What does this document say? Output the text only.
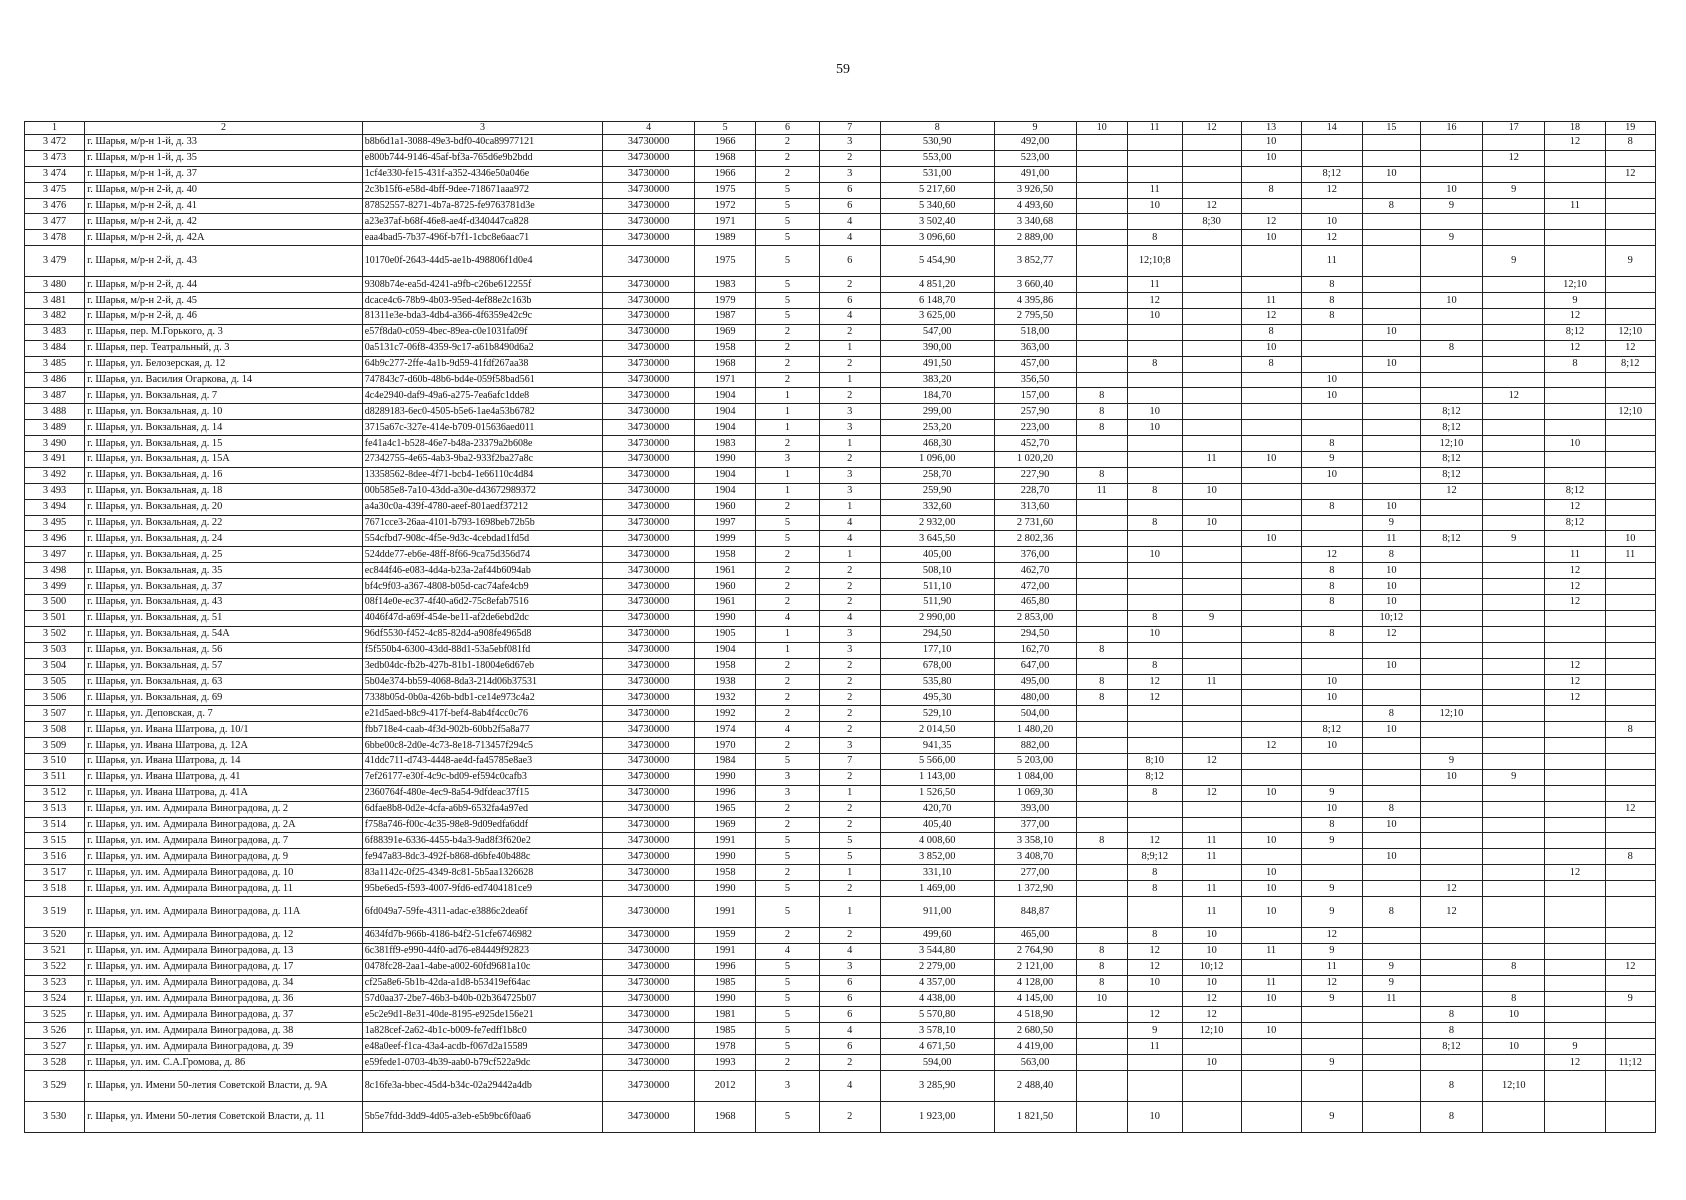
59
1	2	3	4	5	6	7	8	9	10	11	12	13	14	15	16	17	18	19
3 472	г. Шарья, м/р-н 1-й, д. 33	b8b6d1a1-3088-49e3-bdf0-40ca89977121	34730000	1966	2	3	530,90	492,00				10					12	8
3 473	г. Шарья, м/р-н 1-й, д. 35	e800b744-9146-45af-bf3a-765d6e9b2bdd	34730000	1968	2	2	553,00	523,00				10				12		
3 474	г. Шарья, м/р-н 1-й, д. 37	1cf4e330-fe15-431f-a352-4346e50a046e	34730000	1966	2	3	531,00	491,00					8;12	10				12
3 475	г. Шарья, м/р-н 2-й, д. 40	2c3b15f6-e58d-4bff-9dee-718671aaa972	34730000	1975	5	6	5 217,60	3 926,50		11		8	12		10	9		
3 476	г. Шарья, м/р-н 2-й, д. 41	87852557-8271-4b7a-8725-fe9763781d3e	34730000	1972	5	6	5 340,60	4 493,60		10	12			8	9		11	
3 477	г. Шарья, м/р-н 2-й, д. 42	a23e37af-b68f-46e8-ae4f-d340447ca828	34730000	1971	5	4	3 502,40	3 340,68			8;30	12	10					
3 478	г. Шарья, м/р-н 2-й, д. 42А	eaa4bad5-7b37-496f-b7f1-1cbc8e6aac71	34730000	1989	5	4	3 096,60	2 889,00		8		10	12		9			
3 479	г. Шарья, м/р-н 2-й, д. 43	10170e0f-2643-44d5-ae1b-498806f1d0e4	34730000	1975	5	6	5 454,90	3 852,77		12;10;8			11			9		9
3 480	г. Шарья, м/р-н 2-й, д. 44	9308b74e-ea5d-4241-a9fb-c26be612255f	34730000	1983	5	2	4 851,20	3 660,40		11			8				12;10	
3 481	г. Шарья, м/р-н 2-й, д. 45	dcace4c6-78b9-4b03-95ed-4ef88e2c163b	34730000	1979	5	6	6 148,70	4 395,86		12		11	8		10		9	
3 482	г. Шарья, м/р-н 2-й, д. 46	81311e3e-bda3-4db4-a366-4f6359e42c9c	34730000	1987	5	4	3 625,00	2 795,50		10		12	8				12	
3 483	г. Шарья, пер. М.Горького, д. 3	e57f8da0-c059-4bec-89ea-c0e1031fa09f	34730000	1969	2	2	547,00	518,00				8		10			8;12	12;10
3 484	г. Шарья, пер. Театральный, д. 3	0a5131c7-06f8-4359-9c17-a61b8490d6a2	34730000	1958	2	1	390,00	363,00				10			8		12	12
3 485	г. Шарья, ул. Белозерская, д. 12	64b9c277-2ffe-4a1b-9d59-41fdf267aa38	34730000	1968	2	2	491,50	457,00		8		8		10			8	8;12
3 486	г. Шарья, ул. Василия Огаркова, д. 14	747843c7-d60b-48b6-bd4e-059f58bad561	34730000	1971	2	1	383,20	356,50					10					
3 487	г. Шарья, ул. Вокзальная, д. 7	4c4e2940-daf9-49a6-a275-7ea6afc1dde8	34730000	1904	1	2	184,70	157,00	8				10			12		
3 488	г. Шарья, ул. Вокзальная, д. 10	d8289183-6ec0-4505-b5e6-1ae4a53b6782	34730000	1904	1	3	299,00	257,90	8	10					8;12			12;10
3 489	г. Шарья, ул. Вокзальная, д. 14	3715a67c-327e-414e-b709-015636aed011	34730000	1904	1	3	253,20	223,00	8	10					8;12			
3 490	г. Шарья, ул. Вокзальная, д. 15	fe41a4c1-b528-46e7-b48a-23379a2b608e	34730000	1983	2	1	468,30	452,70					8		12;10		10	
3 491	г. Шарья, ул. Вокзальная, д. 15А	27342755-4e65-4ab3-9ba2-933f2ba27a8c	34730000	1990	3	2	1 096,00	1 020,20			11	10	9		8;12			
3 492	г. Шарья, ул. Вокзальная, д. 16	13358562-8dee-4f71-bcb4-1e66110c4d84	34730000	1904	1	3	258,70	227,90	8				10		8;12			
3 493	г. Шарья, ул. Вокзальная, д. 18	00b585e8-7a10-43dd-a30e-d43672989372	34730000	1904	1	3	259,90	228,70	11	8	10				12		8;12	
3 494	г. Шарья, ул. Вокзальная, д. 20	a4a30c0a-439f-4780-aeef-801aedf37212	34730000	1960	2	1	332,60	313,60					8	10			12	
3 495	г. Шарья, ул. Вокзальная, д. 22	7671cce3-26aa-4101-b793-1698beb72b5b	34730000	1997	5	4	2 932,00	2 731,60		8	10			9			8;12	
3 496	г. Шарья, ул. Вокзальная, д. 24	554cfbd7-908c-4f5e-9d3c-4cebdad1fd5d	34730000	1999	5	4	3 645,50	2 802,36				10		11	8;12	9		10
3 497	г. Шарья, ул. Вокзальная, д. 25	524dde77-eb6e-48ff-8f66-9ca75d356d74	34730000	1958	2	1	405,00	376,00		10			12	8			11	11
3 498	г. Шарья, ул. Вокзальная, д. 35	ec844f46-e083-4d4a-b23a-2af44b6094ab	34730000	1961	2	2	508,10	462,70					8	10			12	
3 499	г. Шарья, ул. Вокзальная, д. 37	bf4c9f03-a367-4808-b05d-cac74afe4cb9	34730000	1960	2	2	511,10	472,00					8	10			12	
3 500	г. Шарья, ул. Вокзальная, д. 43	08f14e0e-ec37-4f40-a6d2-75c8efab7516	34730000	1961	2	2	511,90	465,80					8	10			12	
3 501	г. Шарья, ул. Вокзальная, д. 51	4046f47d-a69f-454e-be11-af2de6ebd2dc	34730000	1990	4	4	2 990,00	2 853,00		8	9			10;12				
3 502	г. Шарья, ул. Вокзальная, д. 54А	96df5530-f452-4c85-82d4-a908fe4965d8	34730000	1905	1	3	294,50	294,50		10			8	12				
3 503	г. Шарья, ул. Вокзальная, д. 56	f5f550b4-6300-43dd-88d1-53a5ebf081fd	34730000	1904	1	3	177,10	162,70	8									
3 504	г. Шарья, ул. Вокзальная, д. 57	3edb04dc-fb2b-427b-81b1-18004e6d67eb	34730000	1958	2	2	678,00	647,00		8				10			12	
3 505	г. Шарья, ул. Вокзальная, д. 63	5b04e374-bb59-4068-8da3-214d06b37531	34730000	1938	2	2	535,80	495,00	8	12	11		10				12	
3 506	г. Шарья, ул. Вокзальная, д. 69	7338b05d-0b0a-426b-bdb1-ce14e973c4a2	34730000	1932	2	2	495,30	480,00	8	12			10				12	
3 507	г. Шарья, ул. Деповская, д. 7	e21d5aed-b8c9-417f-bef4-8ab4f4cc0c76	34730000	1992	2	2	529,10	504,00						8	12;10			
3 508	г. Шарья, ул. Ивана Шатрова, д. 10/1	fbb718e4-caab-4f3d-902b-60bb2f5a8a77	34730000	1974	4	2	2 014,50	1 480,20					8;12	10				8
3 509	г. Шарья, ул. Ивана Шатрова, д. 12А	6bbe00c8-2d0e-4c73-8e18-713457f294c5	34730000	1970	2	3	941,35	882,00				12	10					
3 510	г. Шарья, ул. Ивана Шатрова, д. 14	41ddc711-d743-4448-ae4d-fa45785e8ae3	34730000	1984	5	7	5 566,00	5 203,00		8;10	12				9			
3 511	г. Шарья, ул. Ивана Шатрова, д. 41	7ef26177-e30f-4c9c-bd09-ef594c0cafb3	34730000	1990	3	2	1 143,00	1 084,00		8;12					10	9		
3 512	г. Шарья, ул. Ивана Шатрова, д. 41А	2360764f-480e-4ec9-8a54-9dfdeac37f15	34730000	1996	3	1	1 526,50	1 069,30		8	12	10	9					
3 513	г. Шарья, ул. им. Адмирала Виноградова, д. 2	6dfae8b8-0d2e-4cfa-a6b9-6532fa4a97ed	34730000	1965	2	2	420,70	393,00					10	8				12
3 514	г. Шарья, ул. им. Адмирала Виноградова, д. 2А	f758a746-f00c-4c35-98e8-9d09edfa6ddf	34730000	1969	2	2	405,40	377,00					8	10				
3 515	г. Шарья, ул. им. Адмирала Виноградова, д. 7	6f88391e-6336-4455-b4a3-9ad8f3f620e2	34730000	1991	5	5	4 008,60	3 358,10	8	12	11	10	9					
3 516	г. Шарья, ул. им. Адмирала Виноградова, д. 9	fe947a83-8dc3-492f-b868-d6bfe40b488c	34730000	1990	5	5	3 852,00	3 408,70		8;9;12	11			10				8
3 517	г. Шарья, ул. им. Адмирала Виноградова, д. 10	83a1142c-0f25-4349-8c81-5b5aa1326628	34730000	1958	2	1	331,10	277,00		8		10					12	
3 518	г. Шарья, ул. им. Адмирала Виноградова, д. 11	95be6ed5-f593-4007-9fd6-ed7404181ce9	34730000	1990	5	2	1 469,00	1 372,90		8	11	10	9		12			
3 519	г. Шарья, ул. им. Адмирала Виноградова, д. 11А	6fd049a7-59fe-4311-adac-e3886c2dea6f	34730000	1991	5	1	911,00	848,87			11	10	9	8	12			
3 520	г. Шарья, ул. им. Адмирала Виноградова, д. 12	4634fd7b-966b-4186-b4f2-51cfe6746982	34730000	1959	2	2	499,60	465,00		8	10		12					
3 521	г. Шарья, ул. им. Адмирала Виноградова, д. 13	6c381ff9-e990-44f0-ad76-e84449f92823	34730000	1991	4	4	3 544,80	2 764,90	8	12	10	11	9					
3 522	г. Шарья, ул. им. Адмирала Виноградова, д. 17	0478fc28-2aa1-4abe-a002-60fd9681a10c	34730000	1996	5	3	2 279,00	2 121,00	8	12	10;12		11	9		8		12
3 523	г. Шарья, ул. им. Адмирала Виноградова, д. 34	cf25a8e6-5b1b-42da-a1d8-b53419ef64ac	34730000	1985	5	6	4 357,00	4 128,00	8	10	10	11	12	9				
3 524	г. Шарья, ул. им. Адмирала Виноградова, д. 36	57d0aa37-2be7-46b3-b40b-02b364725b07	34730000	1990	5	6	4 438,00	4 145,00	10		12	10	9	11		8		9
3 525	г. Шарья, ул. им. Адмирала Виноградова, д. 37	e5c2e9d1-8e31-40de-8195-e925de156e21	34730000	1981	5	6	5 570,80	4 518,90		12	12				8	10		
3 526	г. Шарья, ул. им. Адмирала Виноградова, д. 38	1a828cef-2a62-4b1c-b009-fe7edff1b8c0	34730000	1985	5	4	3 578,10	2 680,50		9	12;10	10			8			
3 527	г. Шарья, ул. им. Адмирала Виноградова, д. 39	e48a0eef-f1ca-43a4-acdb-f067d2a15589	34730000	1978	5	6	4 671,50	4 419,00		11					8;12	10	9	
3 528	г. Шарья, ул. им. С.А.Громова, д. 86	e59fede1-0703-4b39-aab0-b79cf522a9dc	34730000	1993	2	2	594,00	563,00			10		9				12	11;12
3 529	г. Шарья, ул. Имени 50-летия Советской Власти, д. 9А	8c16fe3a-bbec-45d4-b34c-02a29442a4db	34730000	2012	3	4	3 285,90	2 488,40							8	12;10		
3 530	г. Шарья, ул. Имени 50-летия Советской Власти, д. 11	5b5e7fdd-3dd9-4d05-a3eb-e5b9bc6f0aa6	34730000	1968	5	2	1 923,00	1 821,50		10			9		8			
